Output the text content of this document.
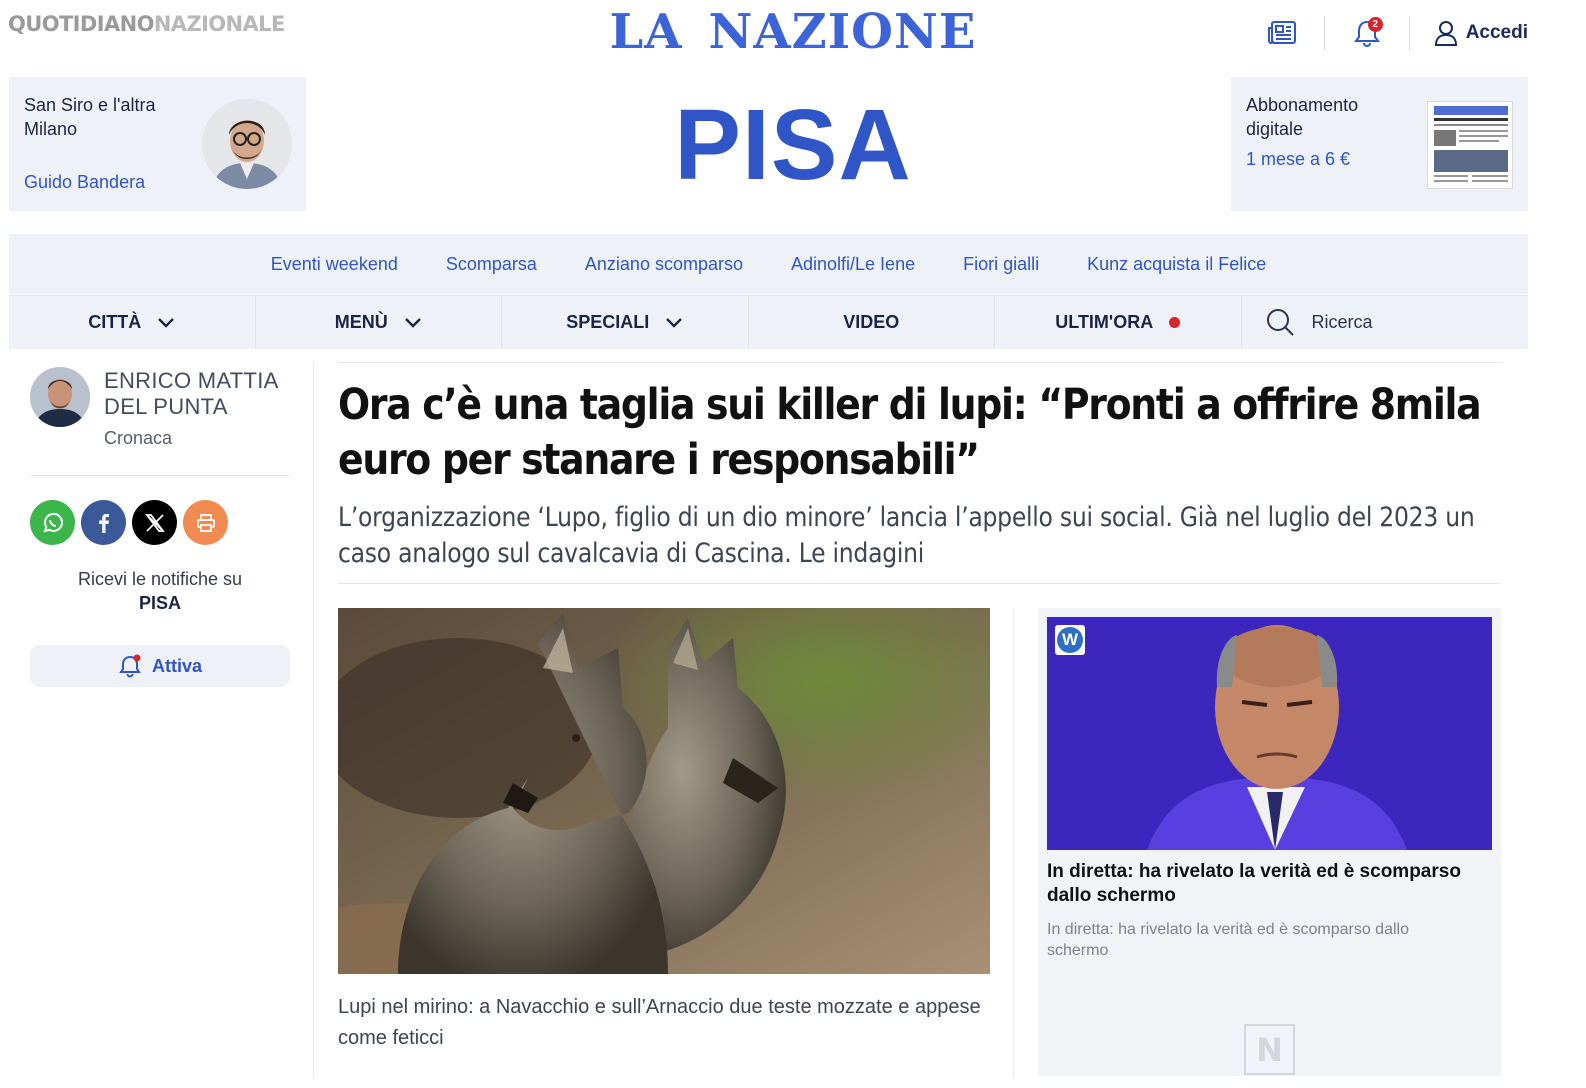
QUOTIDIANONAZIONALE	LA NAZIONE
PISA
2	Accedi
San Siro e l'altra Milano
Guido Bandera
Abbonamento digitale
1 mese a 6 €
Eventi weekend	Scomparsa	Anziano scomparso	Adinolfi/Le Iene	Fiori gialli	Kunz acquista il Felice
CITTÀ	MENÙ	SPECIALI	VIDEO	ULTIM'ORA	Ricerca
ENRICO MATTIA DEL PUNTA
Cronaca
Ricevi le notifiche su
PISA
Attiva
Ora c’è una taglia sui killer di lupi: “Pronti a offrire 8mila euro per stanare i responsabili”

L’organizzazione ‘Lupo, figlio di un dio minore’ lancia l’appello sui social. Già nel luglio del 2023 un caso analogo sul cavalcavia di Cascina. Le indagini

Lupi nel mirino: a Navacchio e sull’Arnaccio due teste mozzate e appese come feticci

W
In diretta: ha rivelato la verità ed è scomparso dallo schermo
In diretta: ha rivelato la verità ed è scomparso dallo schermo
N
